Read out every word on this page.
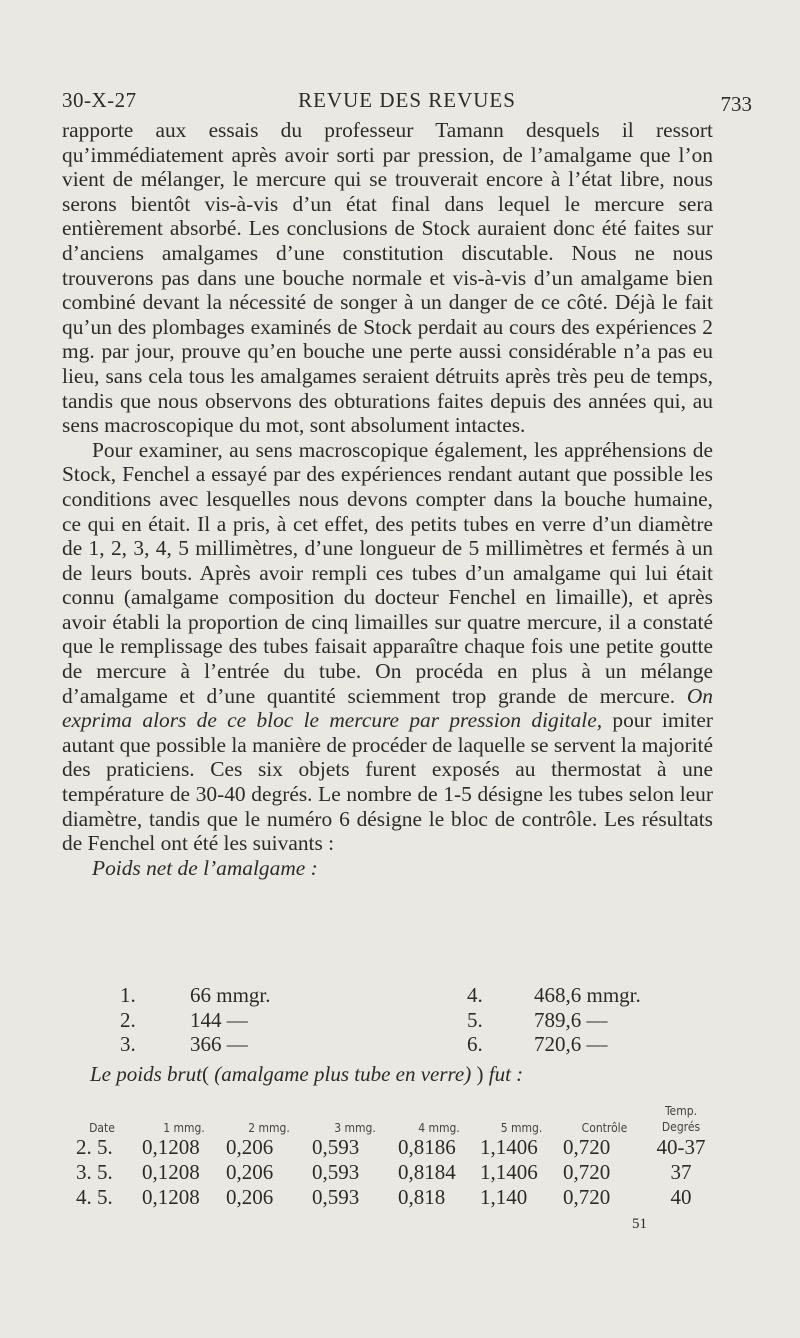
30-X-27	REVUE DES REVUES	733

rapporte aux essais du professeur Tamann desquels il ressort qu’immédiatement après avoir sorti par pression, de l’amalgame que l’on vient de mélanger, le mercure qui se trouverait encore à l’état libre, nous serons bientôt vis-à-vis d’un état final dans lequel le mercure sera entièrement absorbé. Les conclusions de Stock auraient donc été faites sur d’anciens amalgames d’une constitution discutable. Nous ne nous trouverons pas dans une bouche normale et vis-à-vis d’un amalgame bien combiné devant la nécessité de songer à un danger de ce côté. Déjà le fait qu’un des plombages examinés de Stock perdait au cours des expériences 2 mg. par jour, prouve qu’en bouche une perte aussi considérable n’a pas eu lieu, sans cela tous les amalgames seraient détruits après très peu de temps, tandis que nous observons des obturations faites depuis des années qui, au sens macroscopique du mot, sont absolument intactes.

Pour examiner, au sens macroscopique également, les appréhensions de Stock, Fenchel a essayé par des expériences rendant autant que possible les conditions avec lesquelles nous devons compter dans la bouche humaine, ce qui en était. Il a pris, à cet effet, des petits tubes en verre d’un diamètre de 1, 2, 3, 4, 5 millimètres, d’une longueur de 5 millimètres et fermés à un de leurs bouts. Après avoir rempli ces tubes d’un amalgame qui lui était connu (amalgame composition du docteur Fenchel en limaille), et après avoir établi la proportion de cinq limailles sur quatre mercure, il a constaté que le remplissage des tubes faisait apparaître chaque fois une petite goutte de mercure à l’entrée du tube. On procéda en plus à un mélange d’amalgame et d’une quantité sciemment trop grande de mercure. On exprima alors de ce bloc le mercure par pression digitale, pour imiter autant que possible la manière de procéder de laquelle se servent la majorité des praticiens. Ces six objets furent exposés au thermostat à une température de 30-40 degrés. Le nombre de 1-5 désigne les tubes selon leur diamètre, tandis que le numéro 6 désigne le bloc de contrôle. Les résultats de Fenchel ont été les suivants :

Poids net de l’amalgame :

1.	66 mmgr.	4.	468,6 mmgr.
2.	144 —	5.	789,6 —
3.	366 —	6.	720,6 —
Le poids brut( (amalgame plus tube en verre) ) fut :
Date	1 mmg.	2 mmg.	3 mmg.	4 mmg.	5 mmg.	Contrôle	Temp. Degrés
2. 5.	0,1208	0,206	0,593	0,8186	1,1406	0,720	40-37
3. 5.	0,1208	0,206	0,593	0,8184	1,1406	0,720	37
4. 5.	0,1208	0,206	0,593	0,818	1,140	0,720	40
51
